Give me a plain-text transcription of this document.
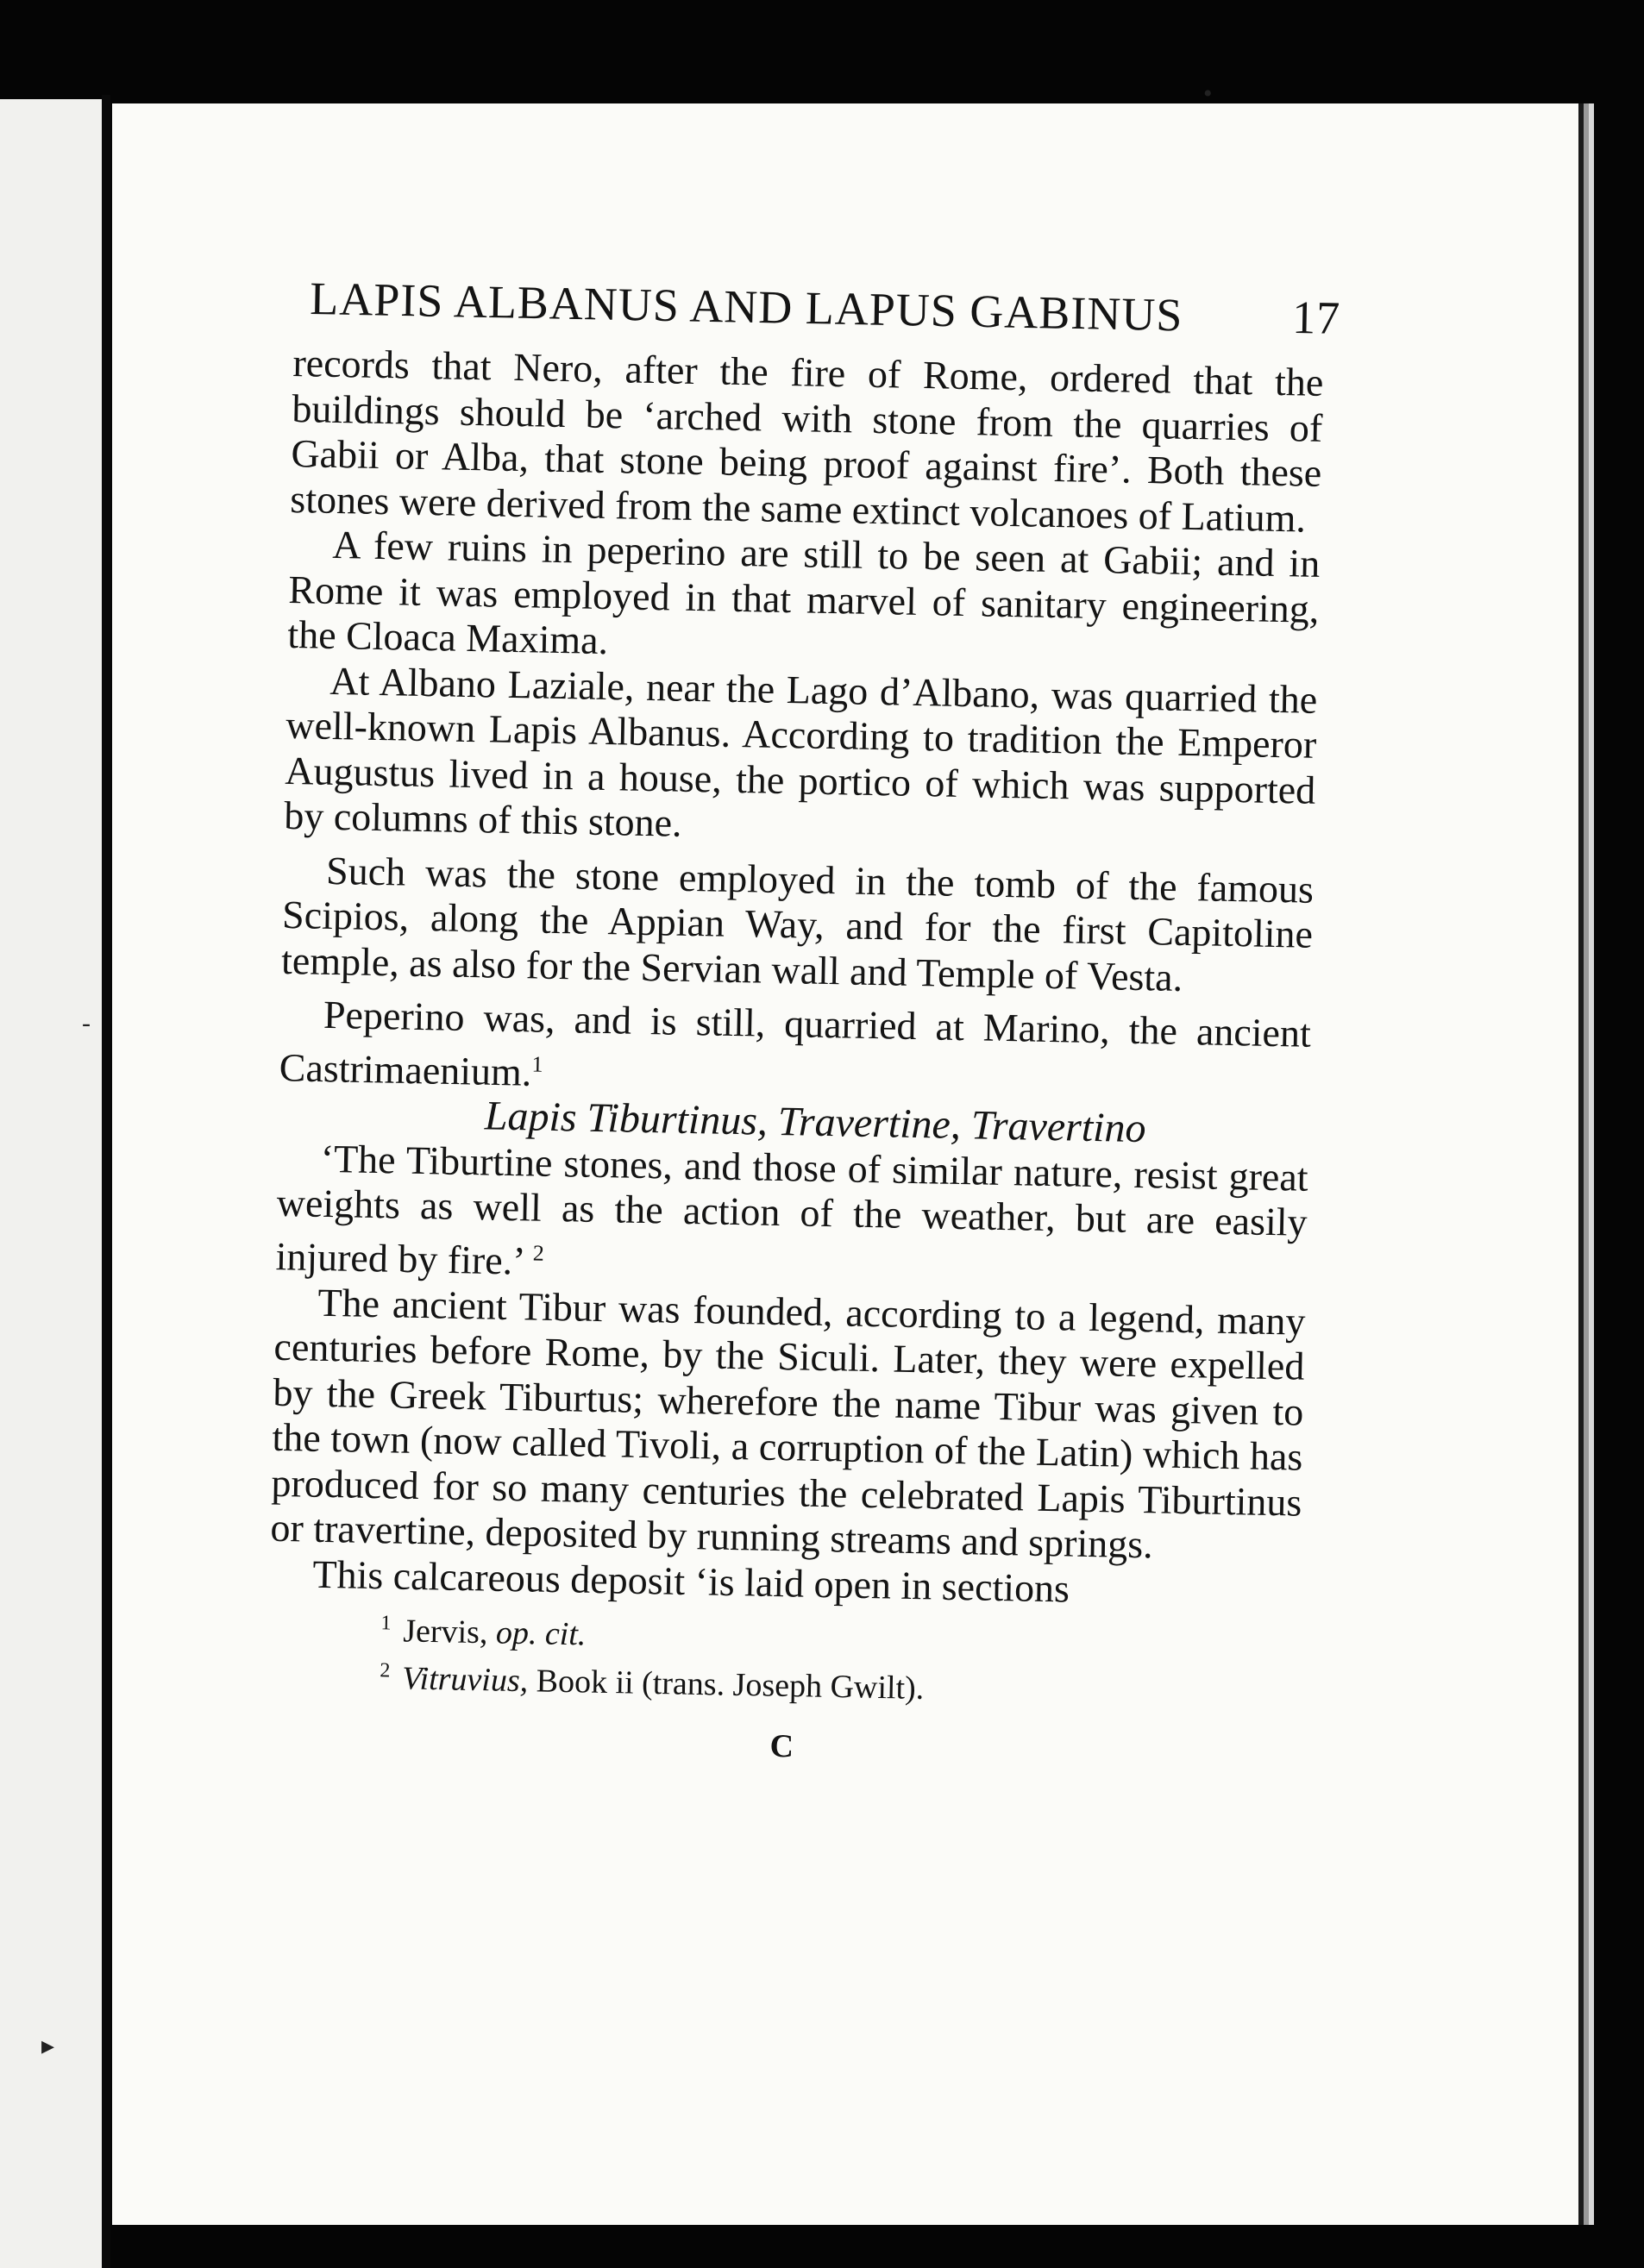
•
-
▸
LAPIS ALBANUS AND LAPUS GABINUS 17

records that Nero, after the fire of Rome, ordered that the buildings should be ‘arched with stone from the quarries of Gabii or Alba, that stone being proof against fire’. Both these stones were derived from the same extinct volcanoes of Latium.

A few ruins in peperino are still to be seen at Gabii; and in Rome it was employed in that marvel of sanitary engineering, the Cloaca Maxima.

At Albano Laziale, near the Lago d’Albano, was quarried the well-known Lapis Albanus. According to tradition the Emperor Augustus lived in a house, the portico of which was supported by columns of this stone.

Such was the stone employed in the tomb of the famous Scipios, along the Appian Way, and for the first Capitoline temple, as also for the Servian wall and Temple of Vesta.

Peperino was, and is still, quarried at Marino, the ancient Castrimaenium.$^1$

Lapis Tiburtinus, Travertine, Travertino

‘The Tiburtine stones, and those of similar nature, resist great weights as well as the action of the weather, but are easily injured by fire.’ $^2$

The ancient Tibur was founded, according to a legend, many centuries before Rome, by the Siculi. Later, they were expelled by the Greek Tiburtus; wherefore the name Tibur was given to the town (now called Tivoli, a corruption of the Latin) which has produced for so many centuries the celebrated Lapis Tiburtinus or travertine, deposited by running streams and springs.

This calcareous deposit ‘is laid open in sections

$^1$ Jervis, op. cit.
$^2$ Vitruvius, Book ii (trans. Joseph Gwilt).
C
